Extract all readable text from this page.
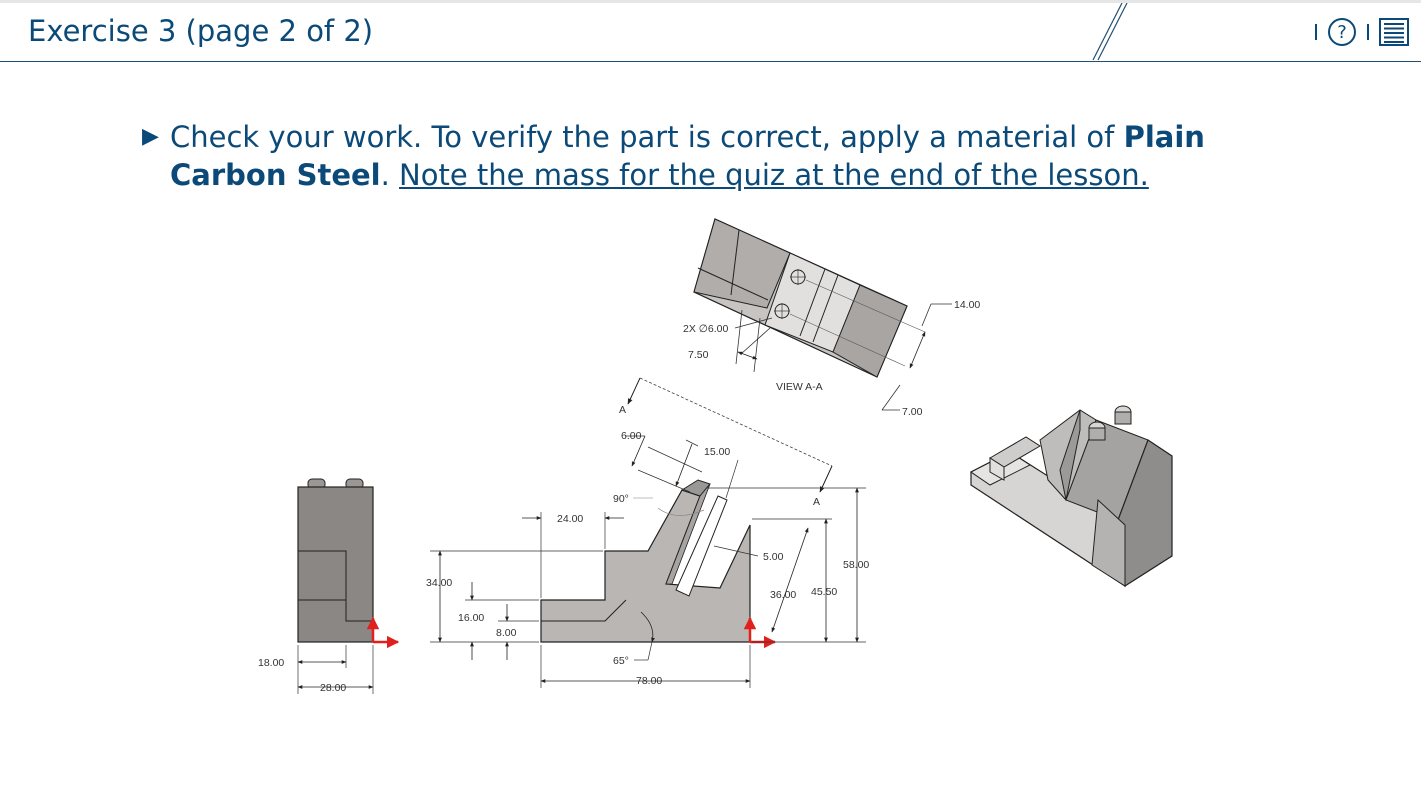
Exercise 3 (page 2 of 2)	?
▶ Check your work. To verify the part is correct, apply a material of Plain Carbon Steel. Note the mass for the quiz at the end of the lesson.
2X ∅6.00
7.50
14.00
7.00
VIEW A-A
A
A
18.00
28.00
24.00
34.00
16.00
8.00
78.00
65°
90°
6.00
15.00
5.00
58.00
45.50
36.00
